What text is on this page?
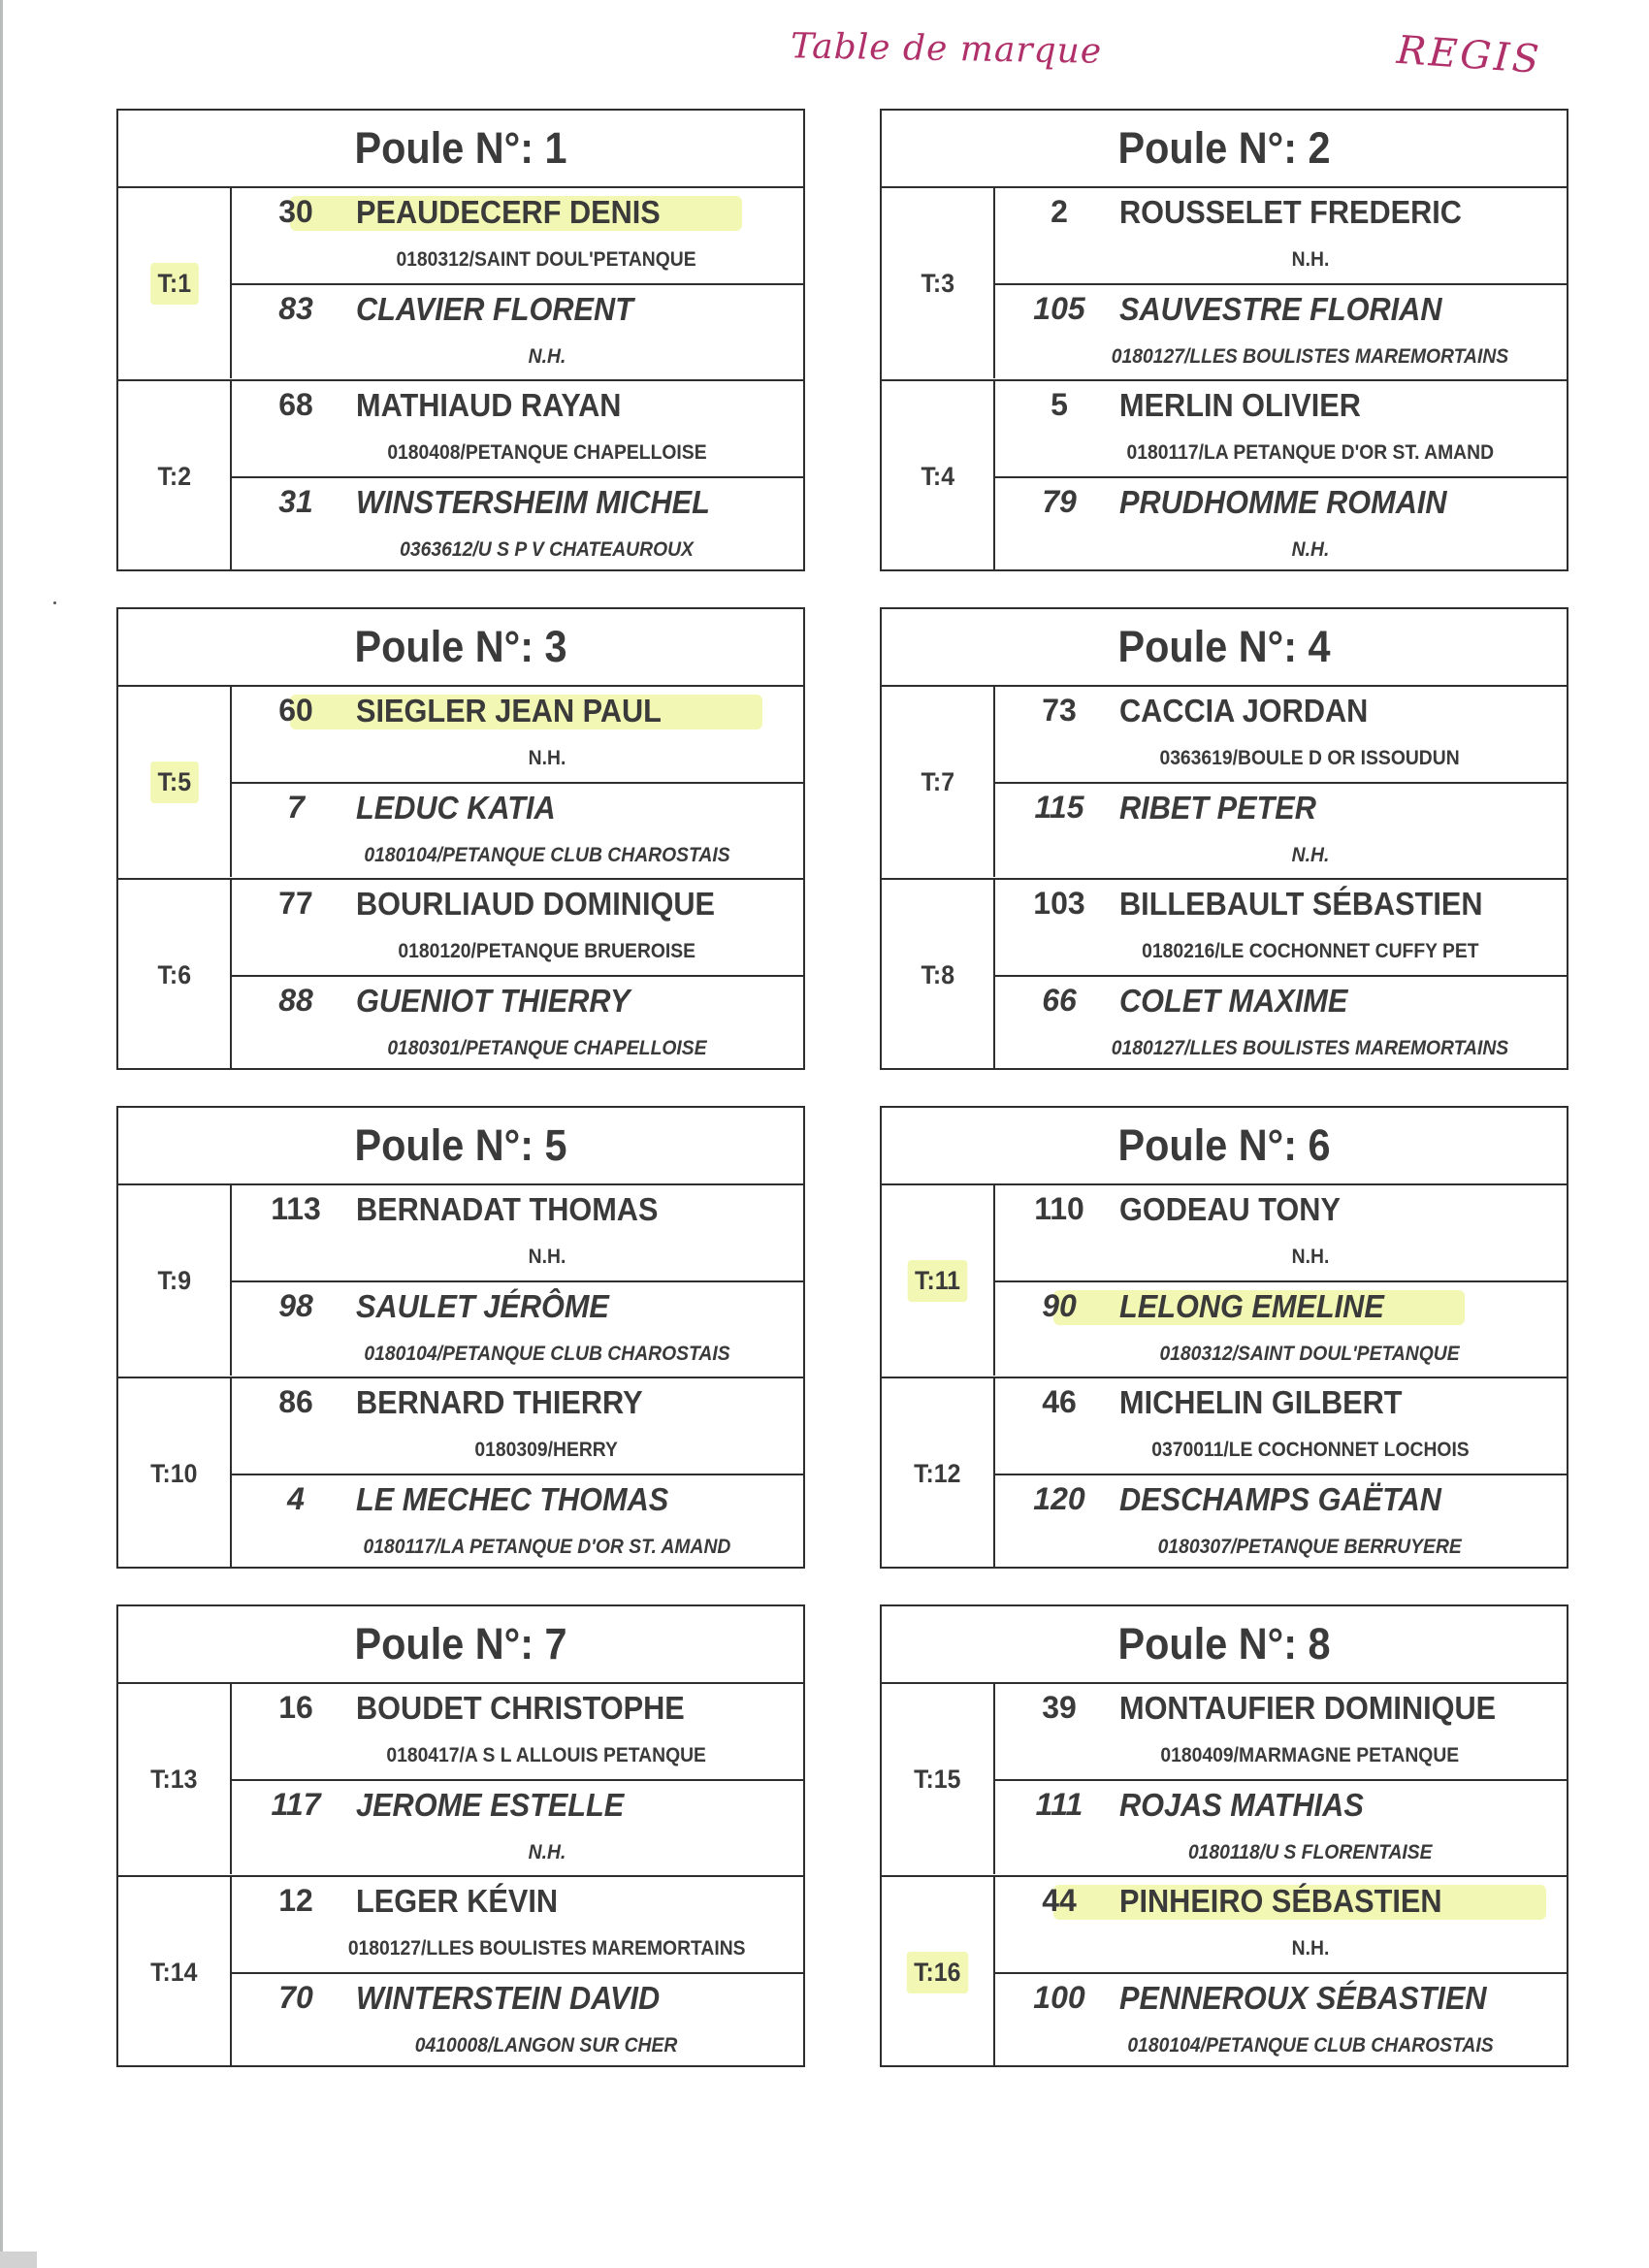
Table de marque	REGIS
Poule N°: 1
T:1
30	PEAUDECERF DENIS
0180312/SAINT DOUL'PETANQUE
83	CLAVIER FLORENT
N.H.
T:2
68	MATHIAUD RAYAN
0180408/PETANQUE CHAPELLOISE
31	WINSTERSHEIM MICHEL
0363612/U S P V CHATEAUROUX
Poule N°: 2
T:3
2	ROUSSELET FREDERIC
N.H.
105	SAUVESTRE FLORIAN
0180127/LLES BOULISTES MAREMORTAINS
T:4
5	MERLIN OLIVIER
0180117/LA PETANQUE D'OR ST. AMAND
79	PRUDHOMME ROMAIN
N.H.
Poule N°: 3
T:5
60	SIEGLER JEAN PAUL
N.H.
7	LEDUC KATIA
0180104/PETANQUE CLUB CHAROSTAIS
T:6
77	BOURLIAUD DOMINIQUE
0180120/PETANQUE BRUEROISE
88	GUENIOT THIERRY
0180301/PETANQUE CHAPELLOISE
Poule N°: 4
T:7
73	CACCIA JORDAN
0363619/BOULE D OR ISSOUDUN
115	RIBET PETER
N.H.
T:8
103	BILLEBAULT SÉBASTIEN
0180216/LE COCHONNET CUFFY PET
66	COLET MAXIME
0180127/LLES BOULISTES MAREMORTAINS
Poule N°: 5
T:9
113	BERNADAT THOMAS
N.H.
98	SAULET JÉRÔME
0180104/PETANQUE CLUB CHAROSTAIS
T:10
86	BERNARD THIERRY
0180309/HERRY
4	LE MECHEC THOMAS
0180117/LA PETANQUE D'OR ST. AMAND
Poule N°: 6
T:11
110	GODEAU TONY
N.H.
90	LELONG EMELINE
0180312/SAINT DOUL'PETANQUE
T:12
46	MICHELIN GILBERT
0370011/LE COCHONNET LOCHOIS
120	DESCHAMPS GAËTAN
0180307/PETANQUE BERRUYERE
Poule N°: 7
T:13
16	BOUDET CHRISTOPHE
0180417/A S L ALLOUIS PETANQUE
117	JEROME ESTELLE
N.H.
T:14
12	LEGER KÉVIN
0180127/LLES BOULISTES MAREMORTAINS
70	WINTERSTEIN DAVID
0410008/LANGON SUR CHER
Poule N°: 8
T:15
39	MONTAUFIER DOMINIQUE
0180409/MARMAGNE PETANQUE
111	ROJAS MATHIAS
0180118/U S FLORENTAISE
T:16
44	PINHEIRO SÉBASTIEN
N.H.
100	PENNEROUX SÉBASTIEN
0180104/PETANQUE CLUB CHAROSTAIS
